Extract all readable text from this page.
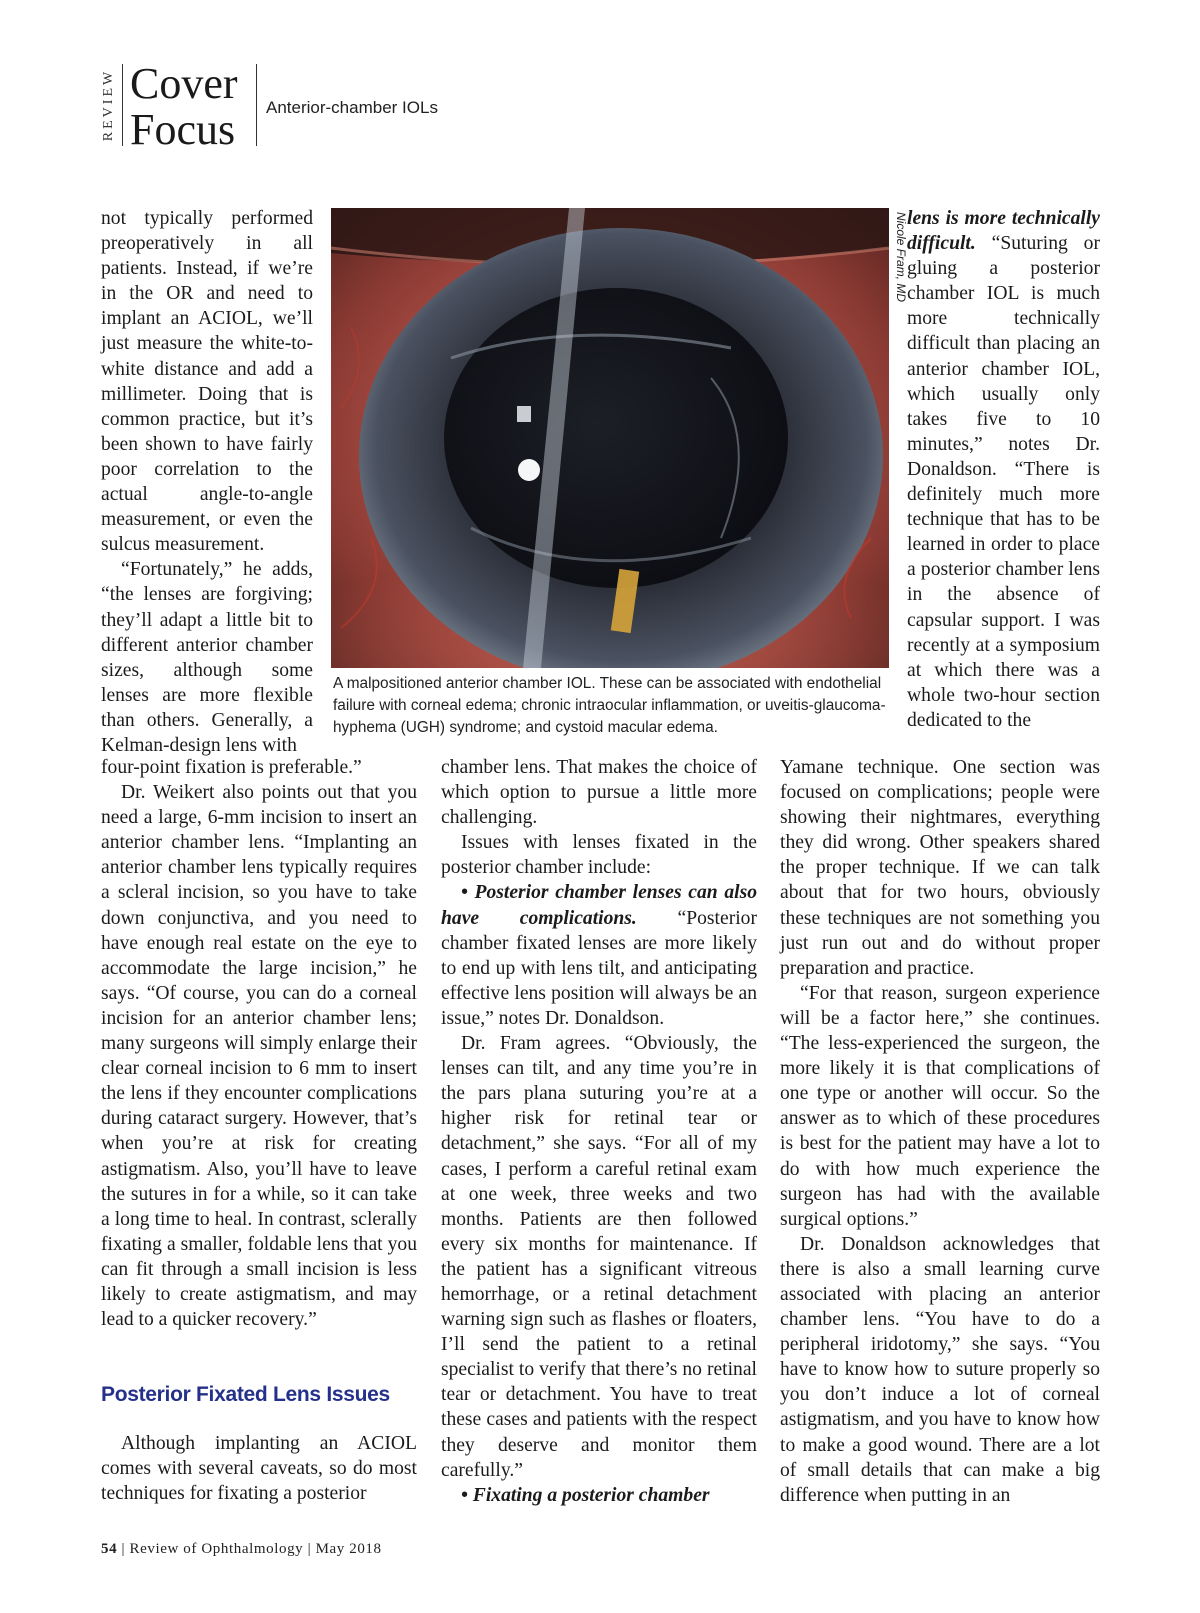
REVIEW Cover
Focus Anterior-chamber IOLs

not typically performed preoperatively in all patients. Instead, if we’re in the OR and need to implant an ACIOL, we’ll just measure the white-to-white distance and add a millimeter. Doing that is common practice, but it’s been shown to have fairly poor correlation to the actual angle-to-angle measurement, or even the sulcus measurement.

“Fortunately,” he adds, “the lenses are forgiving; they’ll adapt a little bit to different anterior chamber sizes, although some lenses are more flexible than others. Generally, a Kelman-design lens with

four-point fixation is preferable.”

Dr. Weikert also points out that you need a large, 6-mm incision to insert an anterior chamber lens. “Implanting an anterior chamber lens typically requires a scleral incision, so you have to take down conjunctiva, and you need to have enough real estate on the eye to accommodate the large incision,” he says. “Of course, you can do a corneal incision for an anterior chamber lens; many surgeons will simply enlarge their clear corneal incision to 6 mm to insert the lens if they encounter complications during cataract surgery. However, that’s when you’re at risk for creating astigmatism. Also, you’ll have to leave the sutures in for a while, so it can take a long time to heal. In contrast, sclerally fixating a smaller, foldable lens that you can fit through a small incision is less likely to create astigmatism, and may lead to a quicker recovery.”

Posterior Fixated Lens Issues

Although implanting an ACIOL comes with several caveats, so do most techniques for fixating a posterior

chamber lens. That makes the choice of which option to pursue a little more challenging.

Issues with lenses fixated in the posterior chamber include:

• Posterior chamber lenses can also have complications. “Posterior chamber fixated lenses are more likely to end up with lens tilt, and anticipating effective lens position will always be an issue,” notes Dr. Donaldson.

Dr. Fram agrees. “Obviously, the lenses can tilt, and any time you’re in the pars plana suturing you’re at a higher risk for retinal tear or detachment,” she says. “For all of my cases, I perform a careful retinal exam at one week, three weeks and two months. Patients are then followed every six months for maintenance. If the patient has a significant vitreous hemorrhage, or a retinal detachment warning sign such as flashes or floaters, I’ll send the patient to a retinal specialist to verify that there’s no retinal tear or detachment. You have to treat these cases and patients with the respect they deserve and monitor them carefully.”

• Fixating a posterior chamber

lens is more technically difficult. “Suturing or gluing a posterior chamber IOL is much more technically difficult than placing an anterior chamber IOL, which usually only takes five to 10 minutes,” notes Dr. Donaldson. “There is definitely much more technique that has to be learned in order to place a posterior chamber lens in the absence of capsular support. I was recently at a symposium at which there was a whole two-hour section dedicated to the

Yamane technique. One section was focused on complications; people were showing their nightmares, everything they did wrong. Other speakers shared the proper technique. If we can talk about that for two hours, obviously these techniques are not something you just run out and do without proper preparation and practice.

“For that reason, surgeon experience will be a factor here,” she continues. “The less-experienced the surgeon, the more likely it is that complications of one type or another will occur. So the answer as to which of these procedures is best for the patient may have a lot to do with how much experience the surgeon has had with the available surgical options.”

Dr. Donaldson acknowledges that there is also a small learning curve associated with placing an anterior chamber lens. “You have to do a peripheral iridotomy,” she says. “You have to know how to suture properly so you don’t induce a lot of corneal astigmatism, and you have to know how to make a good wound. There are a lot of small details that can make a big difference when putting in an

Nicole Fram, MD

A malpositioned anterior chamber IOL. These can be associated with endothelial failure with corneal edema; chronic intraocular inflammation, or uveitis-glaucoma-hyphema (UGH) syndrome; and cystoid macular edema.

54 | Review of Ophthalmology | May 2018
